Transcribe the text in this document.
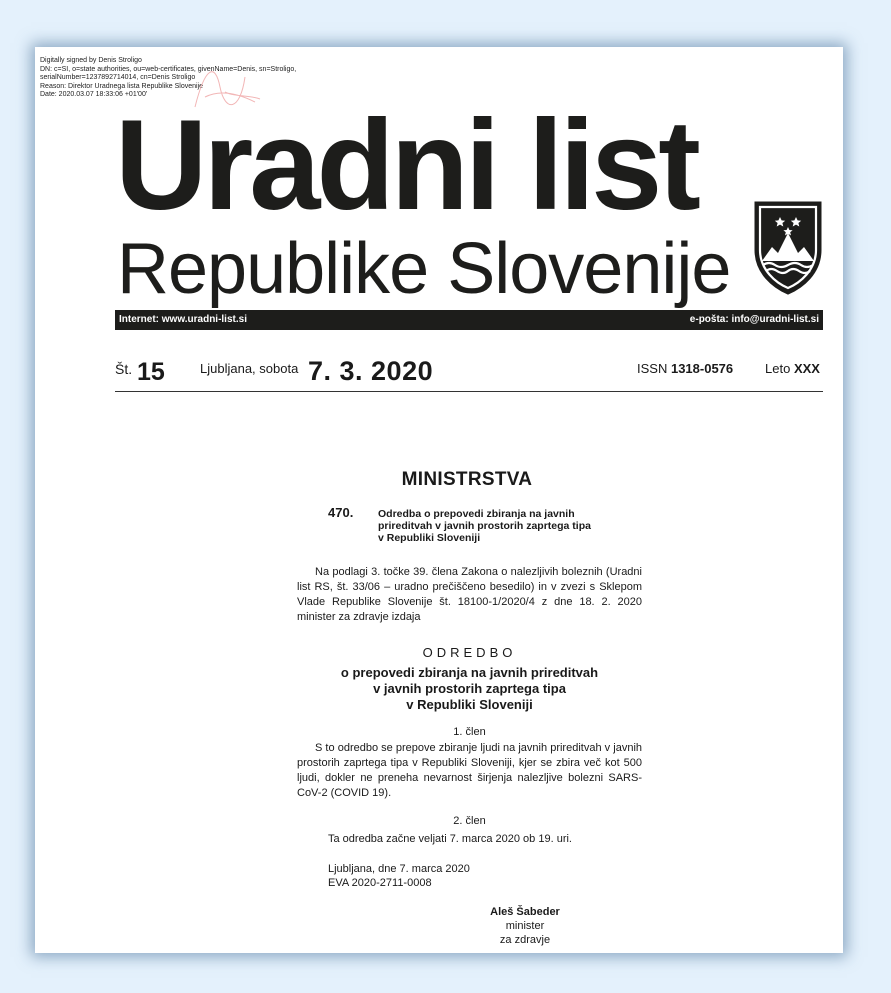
Digitally signed by Denis Stroligo
DN: c=SI, o=state authorities, ou=web-certificates, givenName=Denis, sn=Stroligo,
serialNumber=1237892714014, cn=Denis Stroligo
Reason: Direktor Uradnega lista Republike Slovenije
Date: 2020.03.07 18:33:06 +01'00'
Uradni list
Republike Slovenije
Internet: www.uradni-list.si	e-pošta: info@uradni-list.si
Št. 15	Ljubljana, sobota 7. 3. 2020	ISSN 1318-0576 Leto XXX
MINISTRSTVA
470. Odredba o prepovedi zbiranja na javnih
prireditvah v javnih prostorih zaprtega tipa
v Republiki Sloveniji
Na podlagi 3. točke 39. člena Zakona o nalezljivih boleznih (Uradni list RS, št. 33/06 – uradno prečiščeno besedilo) in v zvezi s Sklepom Vlade Republike Slovenije št. 18100-1/2020/4 z dne 18. 2. 2020 minister za zdravje izdaja
ODREDBO
o prepovedi zbiranja na javnih prireditvah
v javnih prostorih zaprtega tipa
v Republiki Sloveniji
1. člen
S to odredbo se prepove zbiranje ljudi na javnih prireditvah v javnih prostorih zaprtega tipa v Republiki Sloveniji, kjer se zbira več kot 500 ljudi, dokler ne preneha nevarnost širjenja nalezljive bolezni SARS-CoV-2 (COVID 19).
2. člen
Ta odredba začne veljati 7. marca 2020 ob 19. uri.
Ljubljana, dne 7. marca 2020
EVA 2020-2711-0008
Aleš Šabeder
minister
za zdravje
